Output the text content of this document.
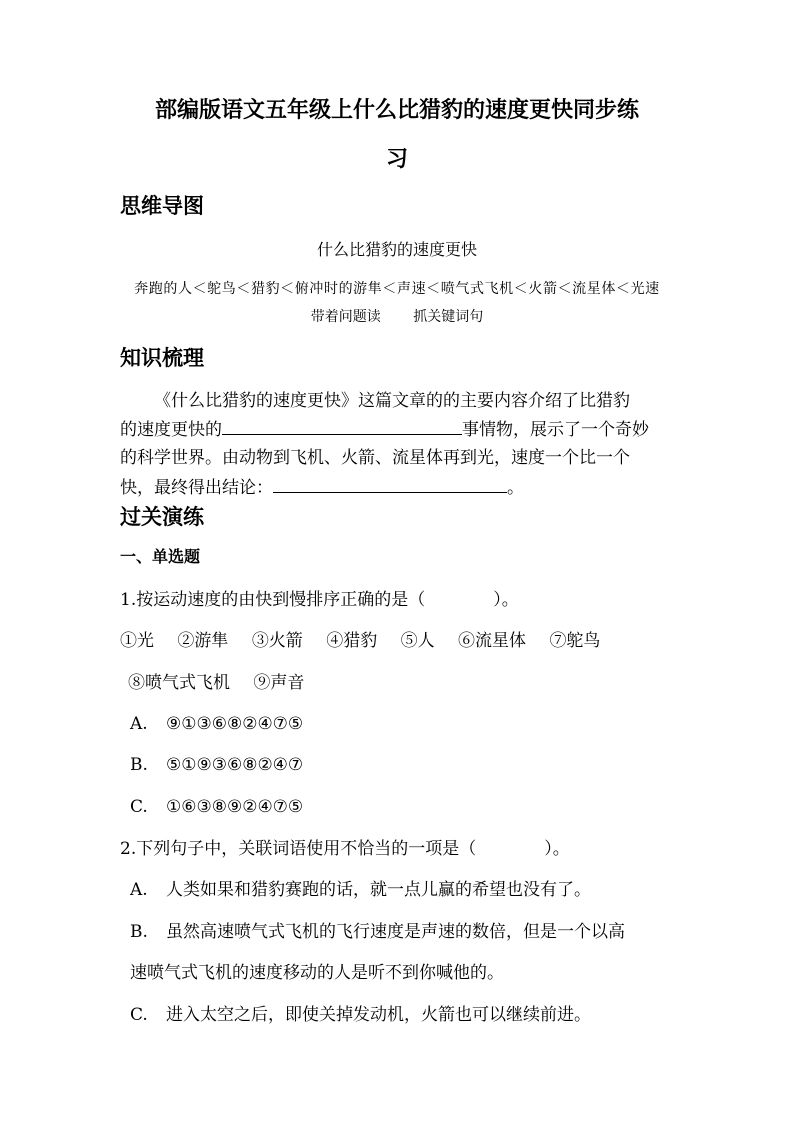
部编版语文五年级上什么比猎豹的速度更快同步练
习
思维导图
什么比猎豹的速度更快
奔跑的人＜鸵鸟＜猎豹＜俯冲时的游隼＜声速＜喷气式飞机＜火箭＜流星体＜光速
带着问题读 抓关键词句
知识梳理
《什么比猎豹的速度更快》这篇文章的的主要内容介绍了比猎豹
的速度更快的	事情物，展示了一个奇妙
的科学世界。由动物到飞机、火箭、流星体再到光，速度一个比一个
快，最终得出结论：	。
过关演练
一、单选题
1.按运动速度的由快到慢排序正确的是（　　　　）。
①光 ②游隼 ③火箭 ④猎豹 ⑤人 ⑥流星体 ⑦鸵鸟
⑧喷气式飞机 ⑨声音
A. ⑨①③⑥⑧②④⑦⑤
B. ⑤①⑨③⑥⑧②④⑦
C. ①⑥③⑧⑨②④⑦⑤
2.下列句子中，关联词语使用不恰当的一项是（　　　　）。
A. 人类如果和猎豹赛跑的话，就一点儿赢的希望也没有了。
B. 虽然高速喷气式飞机的飞行速度是声速的数倍，但是一个以高
速喷气式飞机的速度移动的人是听不到你喊他的。
C. 进入太空之后，即使关掉发动机，火箭也可以继续前进。
